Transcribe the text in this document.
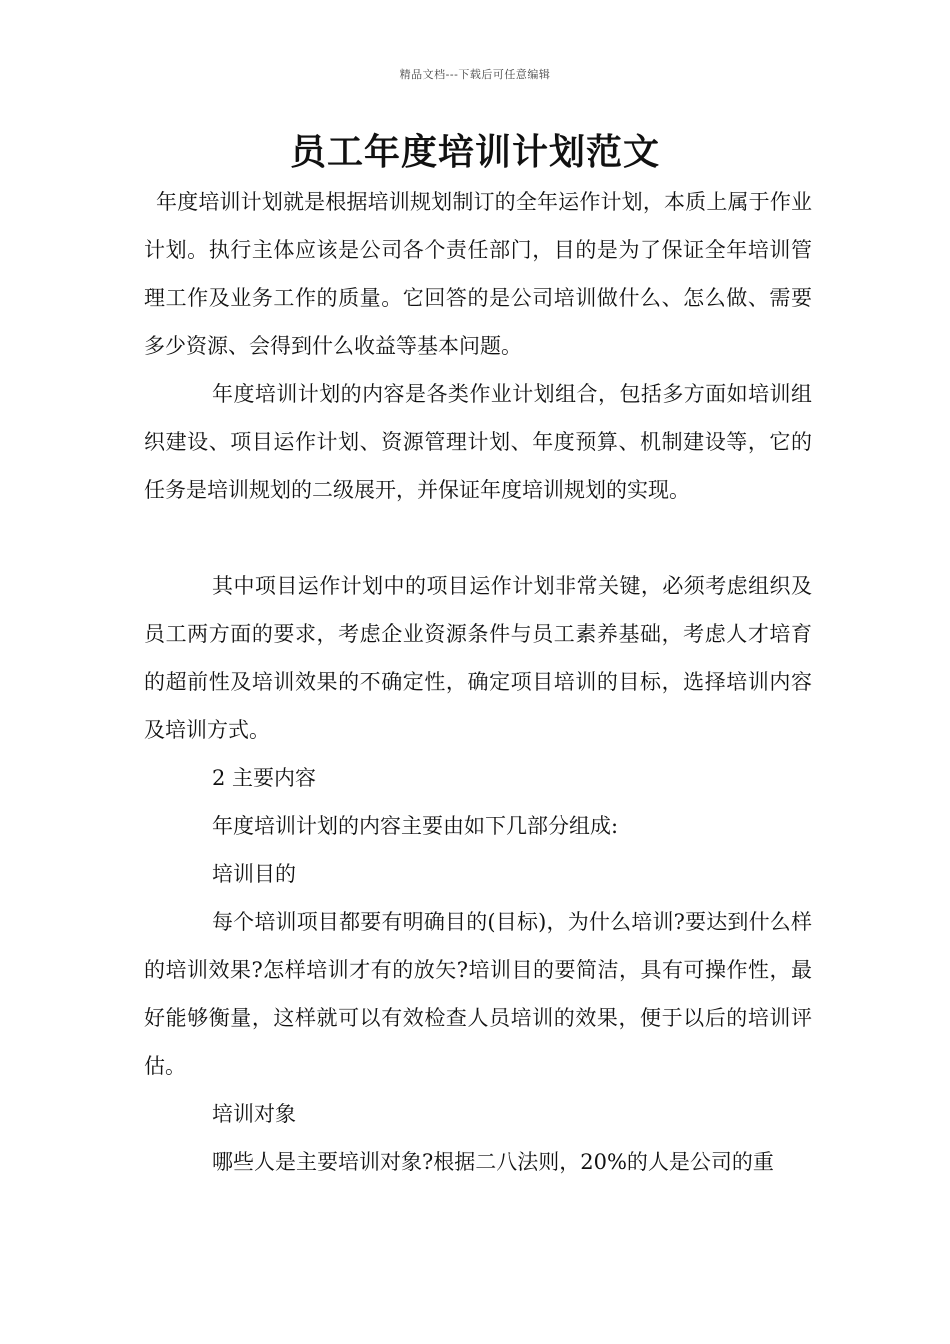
精品文档---下载后可任意编辑
员工年度培训计划范文

年度培训计划就是根据培训规划制订的全年运作计划，本质上属于作业计划。执行主体应该是公司各个责任部门，目的是为了保证全年培训管理工作及业务工作的质量。它回答的是公司培训做什么、怎么做、需要多少资源、会得到什么收益等基本问题。

年度培训计划的内容是各类作业计划组合，包括多方面如培训组织建设、项目运作计划、资源管理计划、年度预算、机制建设等，它的任务是培训规划的二级展开，并保证年度培训规划的实现。

其中项目运作计划中的项目运作计划非常关键，必须考虑组织及员工两方面的要求，考虑企业资源条件与员工素养基础，考虑人才培育的超前性及培训效果的不确定性，确定项目培训的目标，选择培训内容及培训方式。

2 主要内容

年度培训计划的内容主要由如下几部分组成:

培训目的

每个培训项目都要有明确目的(目标)，为什么培训?要达到什么样的培训效果?怎样培训才有的放矢?培训目的要简洁，具有可操作性，最好能够衡量，这样就可以有效检查人员培训的效果，便于以后的培训评估。

培训对象

哪些人是主要培训对象?根据二八法则，20%的人是公司的重
